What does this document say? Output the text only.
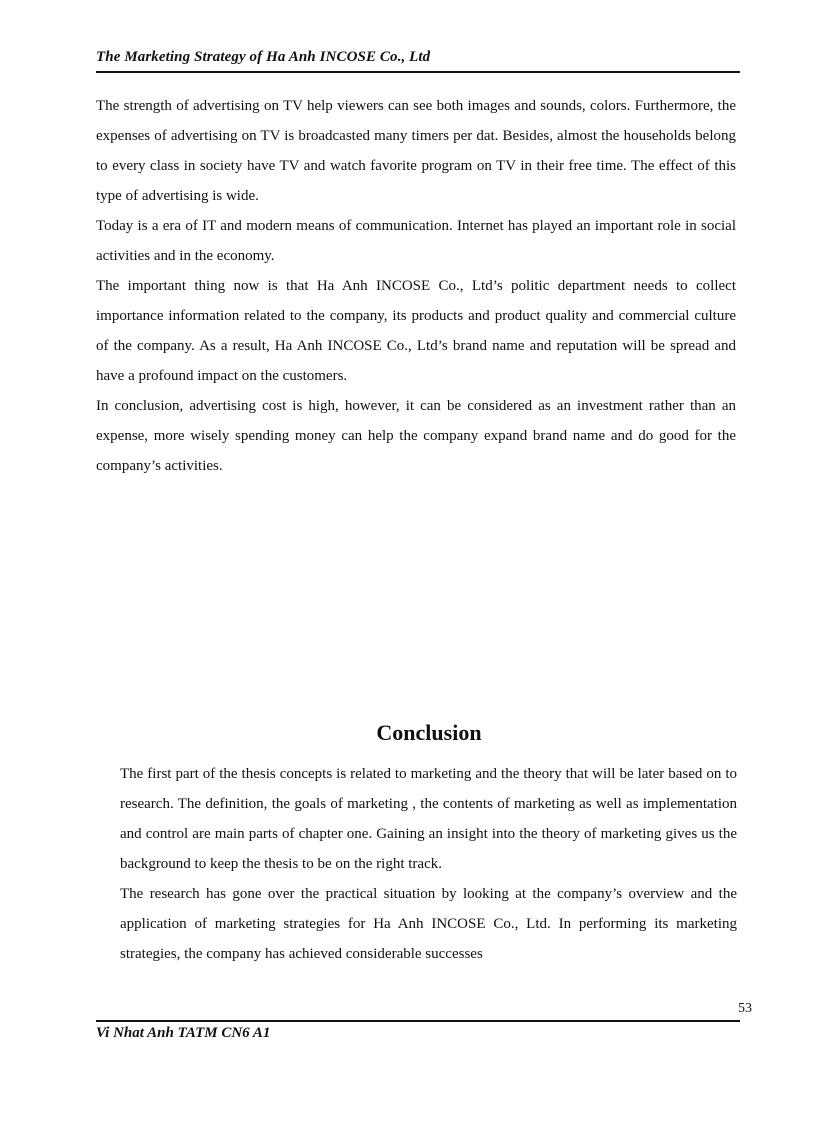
The Marketing Strategy of Ha Anh INCOSE Co., Ltd

The strength of advertising on TV help viewers can see both images and sounds, colors. Furthermore, the expenses of advertising on TV is broadcasted many timers per dat. Besides, almost the households belong to every class in society have TV and watch favorite program on TV in their free time. The effect of this type of advertising is wide.

Today is a era of IT and modern means of communication. Internet has played an important role in social activities and in the economy.

The important thing now is that Ha Anh INCOSE Co., Ltd’s politic department needs to collect importance information related to the company, its products and product quality and commercial culture of the company. As a result, Ha Anh INCOSE Co., Ltd’s brand name and reputation will be spread and have a profound impact on the customers.

In conclusion, advertising cost is high, however, it can be considered as an investment rather than an expense, more wisely spending money can help the company expand brand name and do good for the company’s activities.

Conclusion

The first part of the thesis concepts is related to marketing and the theory that will be later based on to research. The definition, the goals of marketing , the contents of marketing as well as implementation and control are main parts of chapter one. Gaining an insight into the theory of marketing gives us the background to keep the thesis to be on the right track.

The research has gone over the practical situation by looking at the company’s overview and the application of marketing strategies for Ha Anh INCOSE Co., Ltd. In performing its marketing strategies, the company has achieved considerable successes

53
Vi Nhat Anh TATM CN6 A1
